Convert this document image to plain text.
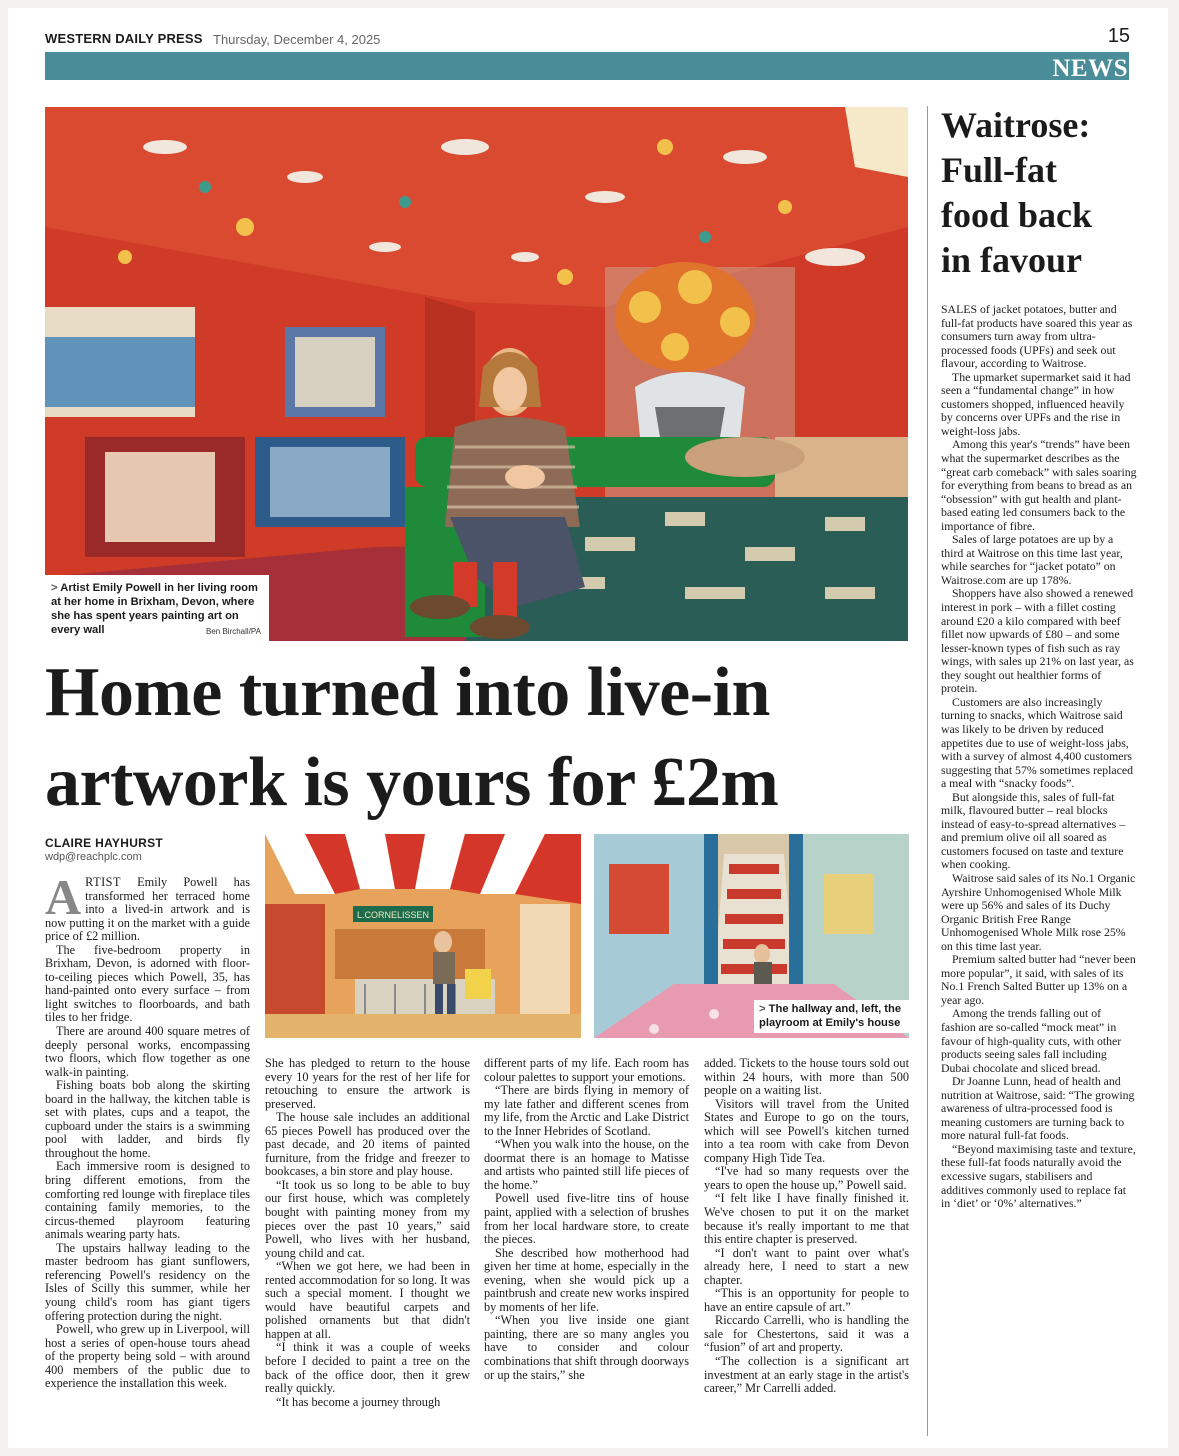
WESTERN DAILY PRESS Thursday, December 4, 2025	15
NEWS
> Artist Emily Powell in her living room at her home in Brixham, Devon, where she has spent years painting art on every wall	Ben Birchall/PA
Home turned into live-in
artwork is yours for £2m
CLAIRE HAYHURST
wdp@reachplc.com

ARTIST Emily Powell has transformed her terraced home into a lived-in artwork and is now putting it on the market with a guide price of £2 million.

The five-bedroom property in Brixham, Devon, is adorned with floor-to-ceiling pieces which Powell, 35, has hand-painted onto every surface – from light switches to floorboards, and bath tiles to her fridge.

There are around 400 square metres of deeply personal works, encompassing two floors, which flow together as one walk-in painting.

Fishing boats bob along the skirting board in the hallway, the kitchen table is set with plates, cups and a teapot, the cupboard under the stairs is a swimming pool with ladder, and birds fly throughout the home.

Each immersive room is designed to bring different emotions, from the comforting red lounge with fireplace tiles containing family memories, to the circus-themed playroom featuring animals wearing party hats.

The upstairs hallway leading to the master bedroom has giant sunflowers, referencing Powell's residency on the Isles of Scilly this summer, while her young child's room has giant tigers offering protection during the night.

Powell, who grew up in Liverpool, will host a series of open-house tours ahead of the property being sold – with around 400 members of the public due to experience the installation this week.

L.CORNELISSEN
> The hallway and, left, the playroom at Emily's house

She has pledged to return to the house every 10 years for the rest of her life for retouching to ensure the artwork is preserved.

The house sale includes an additional 65 pieces Powell has produced over the past decade, and 20 items of painted furniture, from the fridge and freezer to bookcases, a bin store and play house.

“It took us so long to be able to buy our first house, which was completely bought with painting money from my pieces over the past 10 years,” said Powell, who lives with her husband, young child and cat.

“When we got here, we had been in rented accommodation for so long. It was such a special moment. I thought we would have beautiful carpets and polished ornaments but that didn't happen at all.

“I think it was a couple of weeks before I decided to paint a tree on the back of the office door, then it grew really quickly.

“It has become a journey through

different parts of my life. Each room has colour palettes to support your emotions.

“There are birds flying in memory of my late father and different scenes from my life, from the Arctic and Lake District to the Inner Hebrides of Scotland.

“When you walk into the house, on the doormat there is an homage to Matisse and artists who painted still life pieces of the home.”

Powell used five-litre tins of house paint, applied with a selection of brushes from her local hardware store, to create the pieces.

She described how motherhood had given her time at home, especially in the evening, when she would pick up a paintbrush and create new works inspired by moments of her life.

“When you live inside one giant painting, there are so many angles you have to consider and colour combinations that shift through doorways or up the stairs,” she

added. Tickets to the house tours sold out within 24 hours, with more than 500 people on a waiting list.

Visitors will travel from the United States and Europe to go on the tours, which will see Powell's kitchen turned into a tea room with cake from Devon company High Tide Tea.

“I've had so many requests over the years to open the house up,” Powell said.

“I felt like I have finally finished it. We've chosen to put it on the market because it's really important to me that this entire chapter is preserved.

“I don't want to paint over what's already here, I need to start a new chapter.

“This is an opportunity for people to have an entire capsule of art.”

Riccardo Carrelli, who is handling the sale for Chestertons, said it was a “fusion” of art and property.

“The collection is a significant art investment at an early stage in the artist's career,” Mr Carrelli added.

Waitrose:
Full-fat
food back
in favour

SALES of jacket potatoes, butter and full-fat products have soared this year as consumers turn away from ultra-processed foods (UPFs) and seek out flavour, according to Waitrose.

The upmarket supermarket said it had seen a “fundamental change” in how customers shopped, influenced heavily by concerns over UPFs and the rise in weight-loss jabs.

Among this year's “trends” have been what the supermarket describes as the “great carb comeback” with sales soaring for everything from beans to bread as an “obsession” with gut health and plant-based eating led consumers back to the importance of fibre.

Sales of large potatoes are up by a third at Waitrose on this time last year, while searches for “jacket potato” on Waitrose.com are up 178%.

Shoppers have also showed a renewed interest in pork – with a fillet costing around £20 a kilo compared with beef fillet now upwards of £80 – and some lesser-known types of fish such as ray wings, with sales up 21% on last year, as they sought out healthier forms of protein.

Customers are also increasingly turning to snacks, which Waitrose said was likely to be driven by reduced appetites due to use of weight-loss jabs, with a survey of almost 4,400 customers suggesting that 57% sometimes replaced a meal with “snacky foods”.

But alongside this, sales of full-fat milk, flavoured butter – real blocks instead of easy-to-spread alternatives – and premium olive oil all soared as customers focused on taste and texture when cooking.

Waitrose said sales of its No.1 Organic Ayrshire Unhomogenised Whole Milk were up 56% and sales of its Duchy Organic British Free Range Unhomogenised Whole Milk rose 25% on this time last year.

Premium salted butter had “never been more popular”, it said, with sales of its No.1 French Salted Butter up 13% on a year ago.

Among the trends falling out of fashion are so-called “mock meat” in favour of high-quality cuts, with other products seeing sales fall including Dubai chocolate and sliced bread.

Dr Joanne Lunn, head of health and nutrition at Waitrose, said: “The growing awareness of ultra-processed food is meaning customers are turning back to more natural full-fat foods.

“Beyond maximising taste and texture, these full-fat foods naturally avoid the excessive sugars, stabilisers and additives commonly used to replace fat in ‘diet’ or ‘0%’ alternatives.”
